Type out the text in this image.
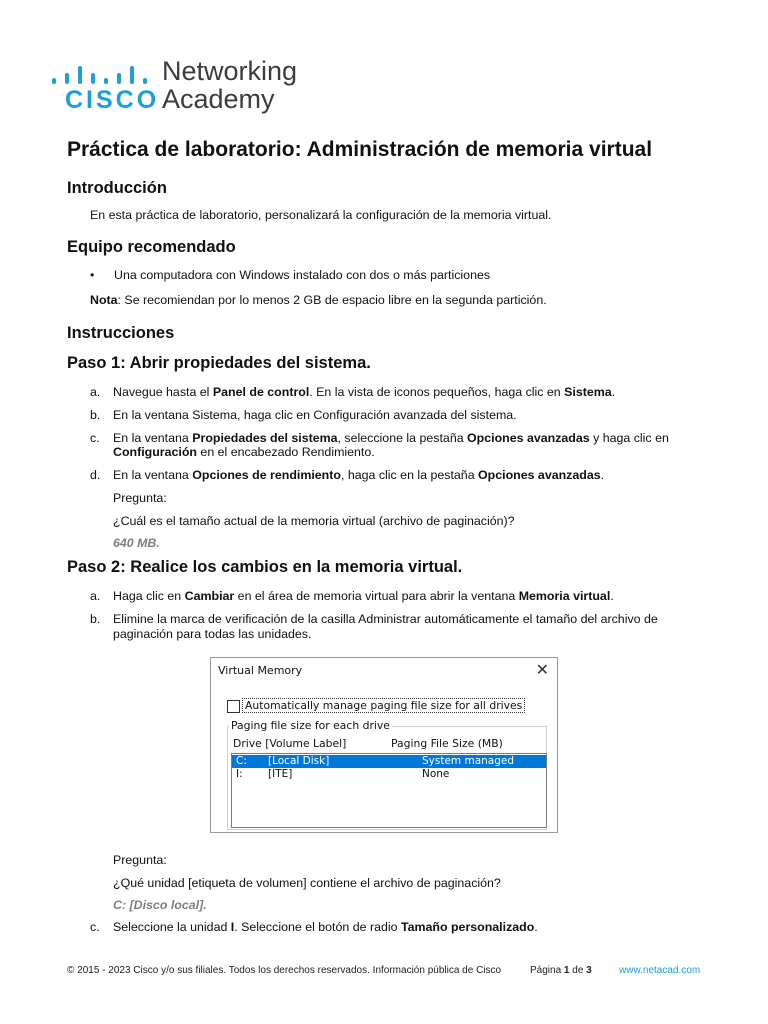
CISCO
Networking
Academy
Práctica de laboratorio: Administración de memoria virtual
Introducción
En esta práctica de laboratorio, personalizará la configuración de la memoria virtual.
Equipo recomendado
• Una computadora con Windows instalado con dos o más particiones
Nota: Se recomiendan por lo menos 2 GB de espacio libre en la segunda partición.
Instrucciones
Paso 1: Abrir propiedades del sistema.
a. Navegue hasta el Panel de control. En la vista de iconos pequeños, haga clic en Sistema.
b. En la ventana Sistema, haga clic en Configuración avanzada del sistema.
c. En la ventana Propiedades del sistema, seleccione la pestaña Opciones avanzadas y haga clic en
Configuración en el encabezado Rendimiento.
d. En la ventana Opciones de rendimiento, haga clic en la pestaña Opciones avanzadas.
Pregunta:
¿Cuál es el tamaño actual de la memoria virtual (archivo de paginación)?
640 MB.
Paso 2: Realice los cambios en la memoria virtual.
a. Haga clic en Cambiar en el área de memoria virtual para abrir la ventana Memoria virtual.
b. Elimine la marca de verificación de la casilla Administrar automáticamente el tamaño del archivo de
paginación para todas las unidades.
Virtual Memory	✕
Automatically manage paging file size for all drives
Paging file size for each drive
Drive [Volume Label]	Paging File Size (MB)
C: [Local Disk]	System managed
I: [ITE]	None
Pregunta:
¿Qué unidad [etiqueta de volumen] contiene el archivo de paginación?
C: [Disco local].
c. Seleccione la unidad I. Seleccione el botón de radio Tamaño personalizado.
© 2015 - 2023 Cisco y/o sus filiales. Todos los derechos reservados. Información pública de Cisco	Página 1 de 3	www.netacad.com
